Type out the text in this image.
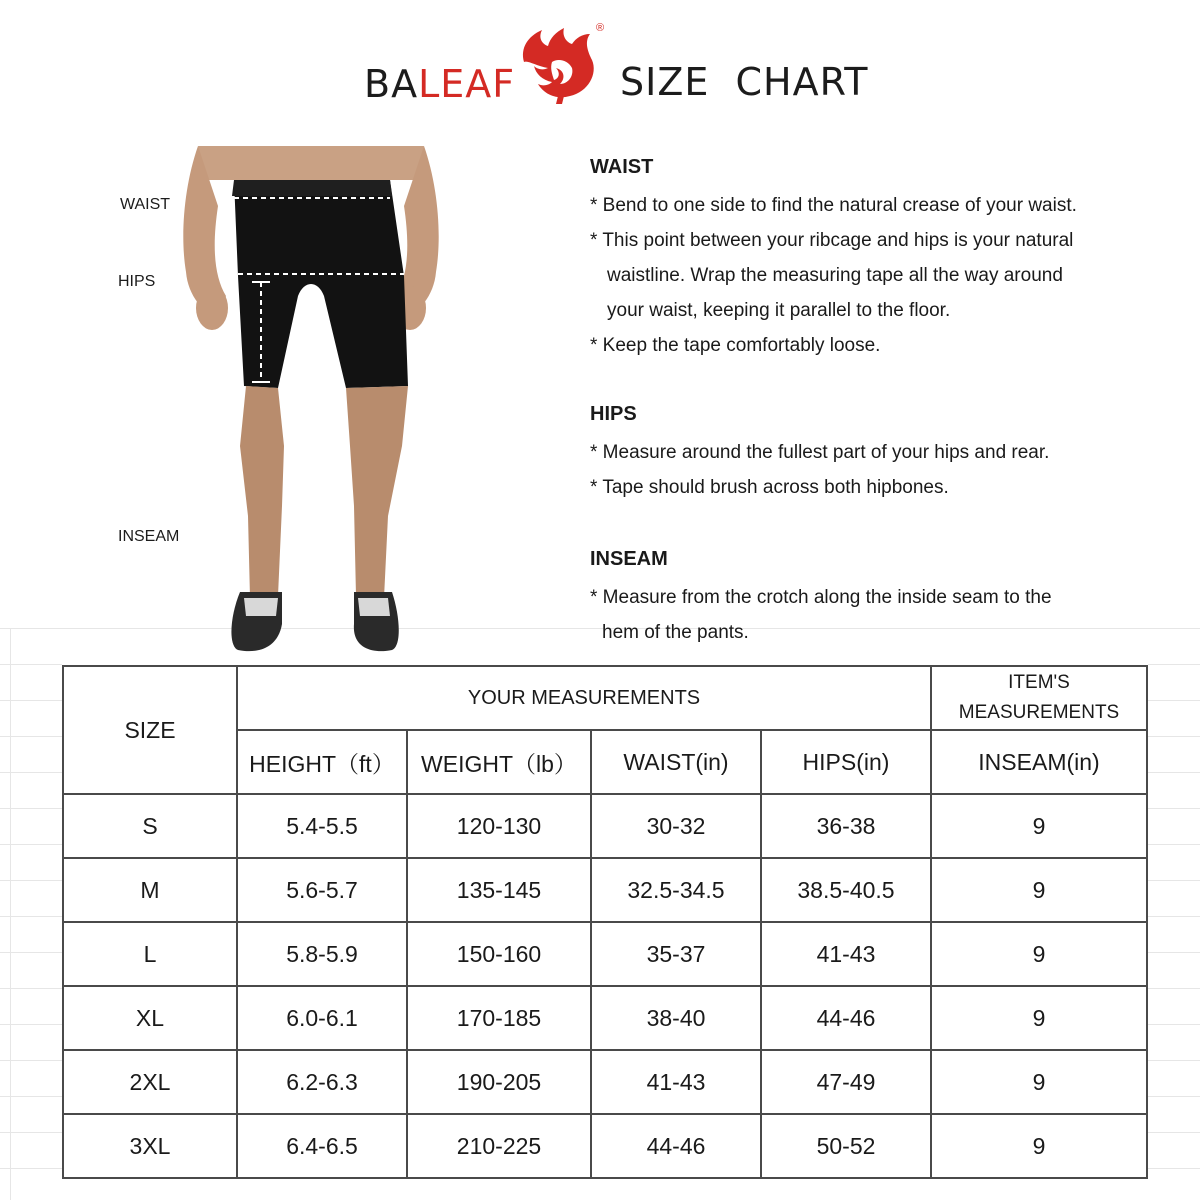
BALEAF
®
SIZE  CHART
WAIST
HIPS
INSEAM
WAIST

* Bend to one side to find the natural crease of your waist.

* This point between your ribcage and hips is your natural

waistline. Wrap the measuring tape all the way around

your waist, keeping it parallel to the floor.

* Keep the tape comfortably loose.

HIPS

* Measure around the fullest part of your hips and rear.

* Tape should brush across both hipbones.

INSEAM

* Measure from the crotch along the inside seam to the

hem of the pants.

SIZE	YOUR MEASUREMENTS				ITEM'S
MEASUREMENTS

	HEIGHT（ft）	WEIGHT（lb）	WAIST(in)	HIPS(in)	INSEAM(in)
S	5.4-5.5	120-130	30-32	36-38	9
M	5.6-5.7	135-145	32.5-34.5	38.5-40.5	9
L	5.8-5.9	150-160	35-37	41-43	9
XL	6.0-6.1	170-185	38-40	44-46	9
2XL	6.2-6.3	190-205	41-43	47-49	9
3XL	6.4-6.5	210-225	44-46	50-52	9
